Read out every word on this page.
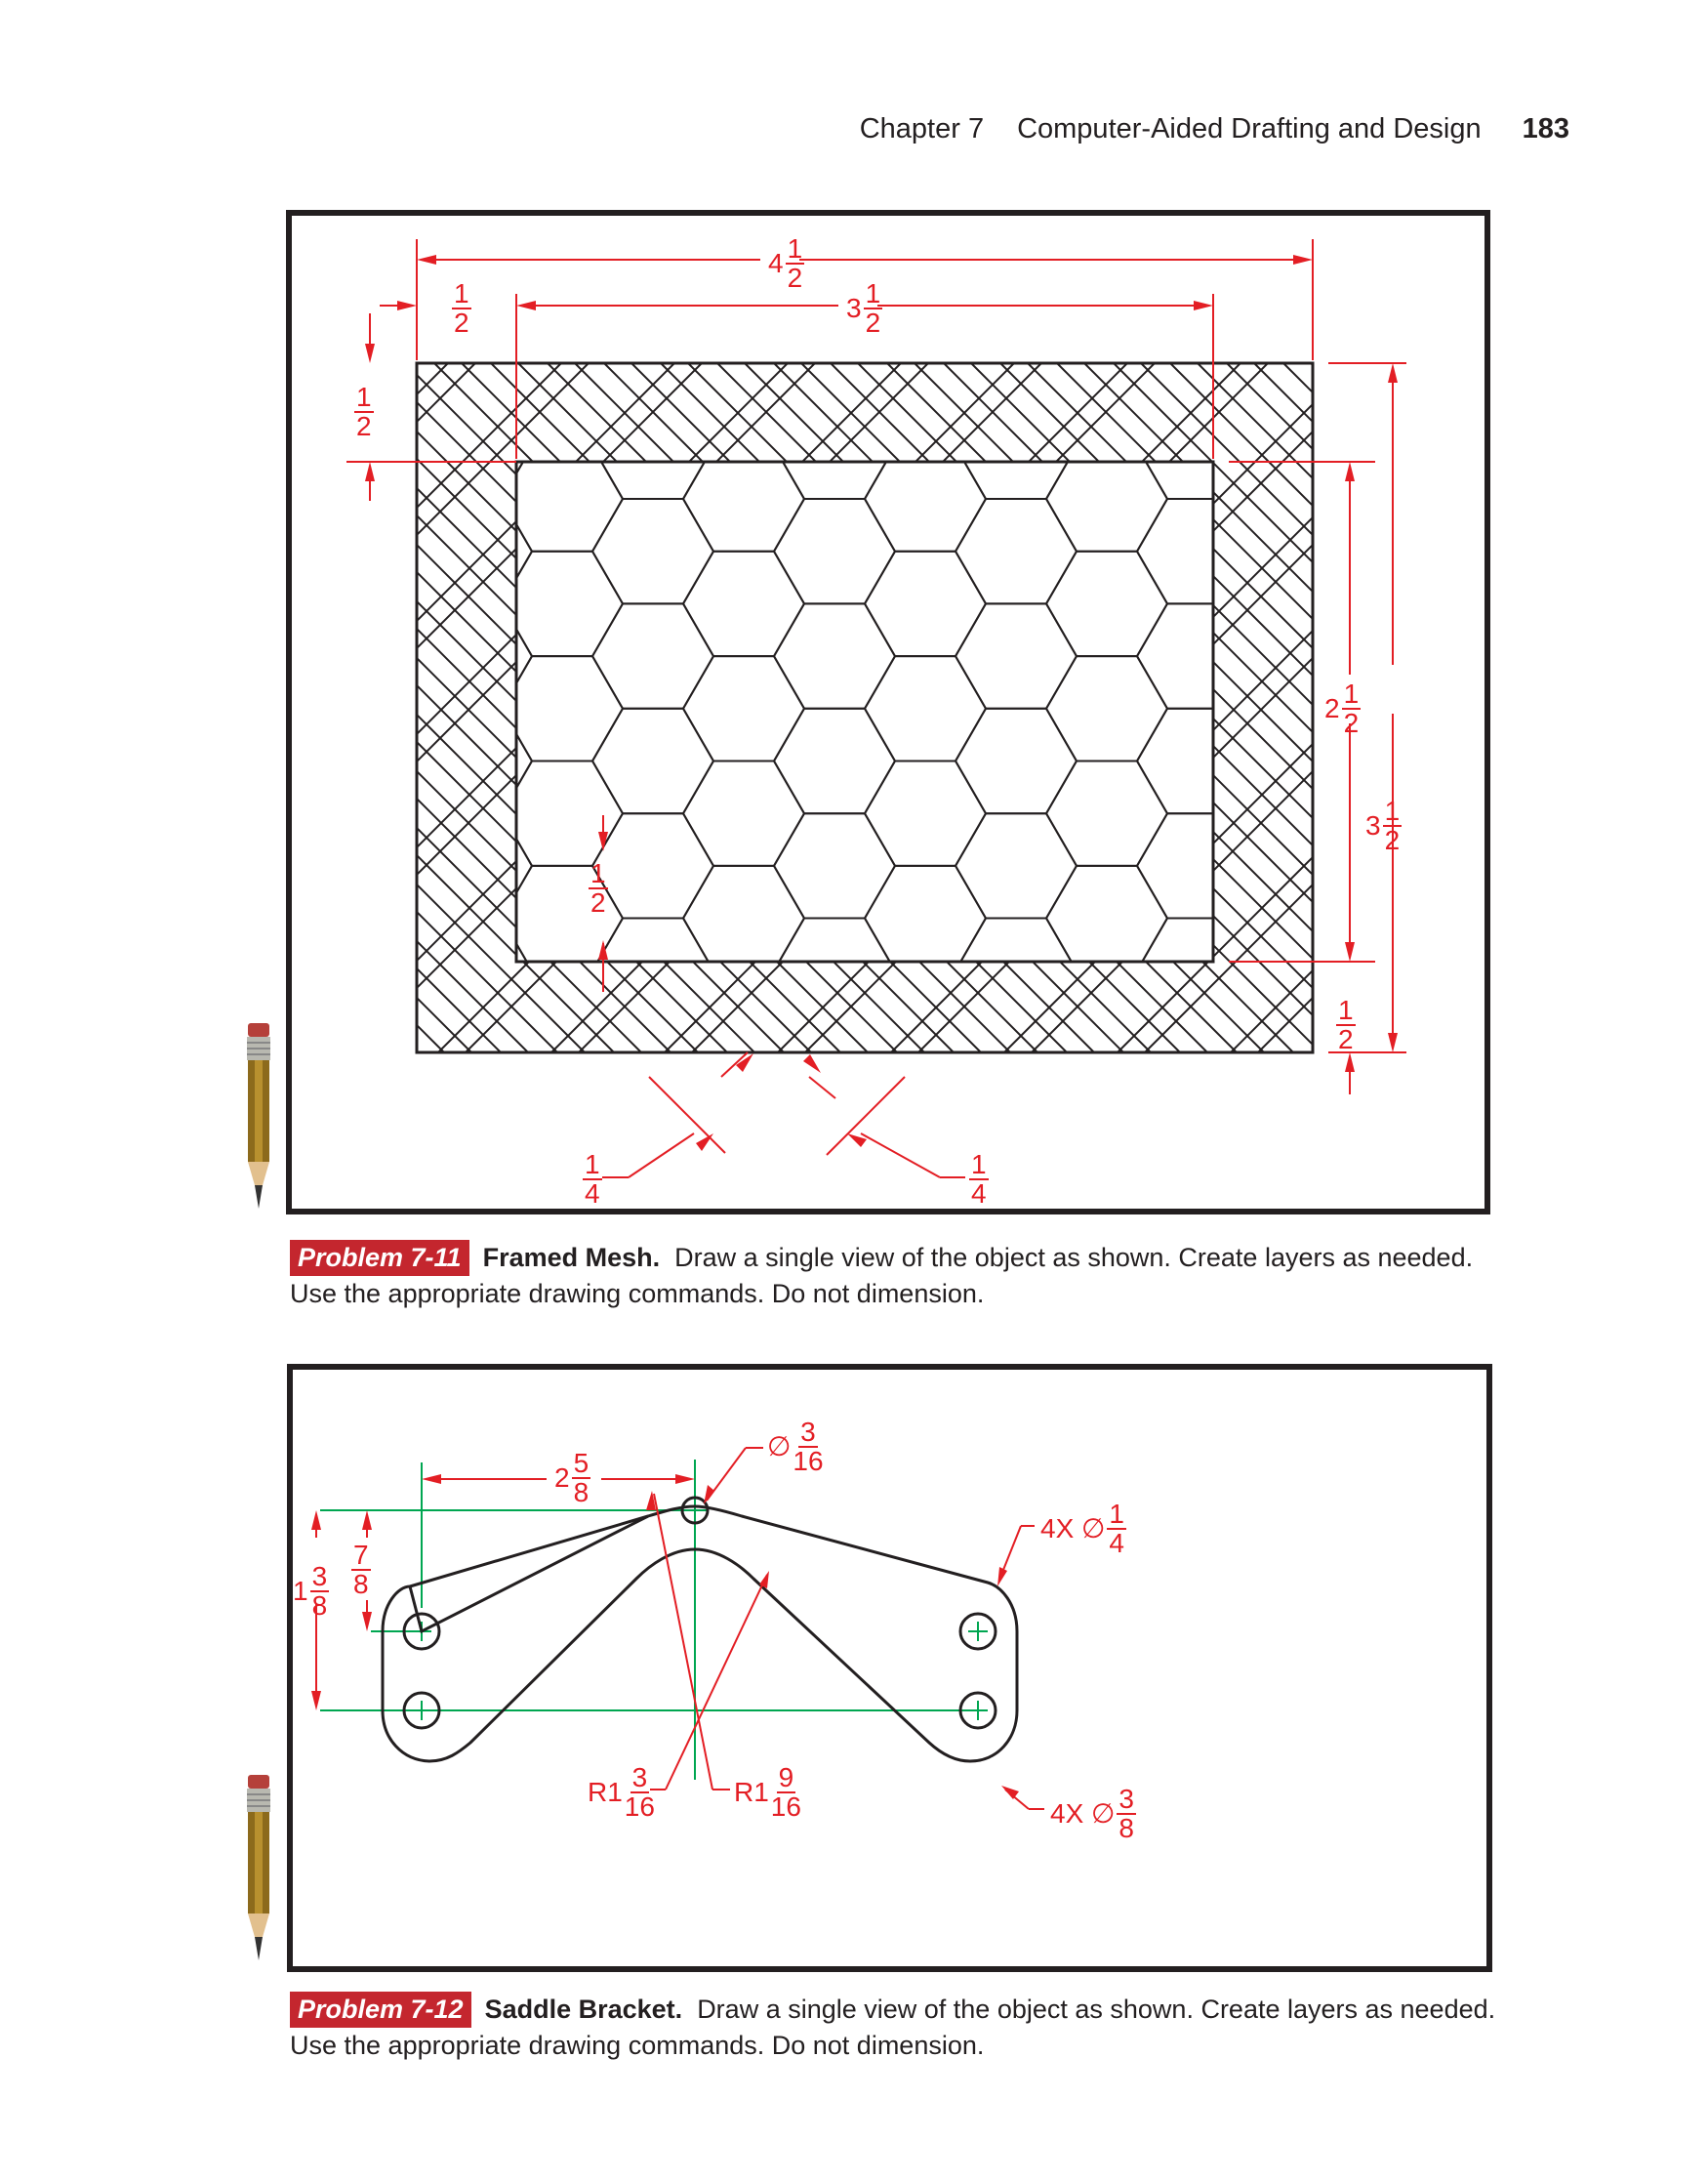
Chapter 7 Computer-Aided Drafting and Design 183
4 1
2
1
2	3 1
2
1
2
2 1
2
3 1
2
1
2
1
2
1
4
1
4
Problem 7-11 Framed Mesh. Draw a single view of the object as shown. Create layers as needed.
Use the appropriate drawing commands. Do not dimension.
2 5
8
∅ 3
16
4X ∅ 1
4
4X ∅ 3
8
1 3
8
7
8
R1 3
16	R1 9
16
Problem 7-12 Saddle Bracket. Draw a single view of the object as shown. Create layers as needed.
Use the appropriate drawing commands. Do not dimension.
